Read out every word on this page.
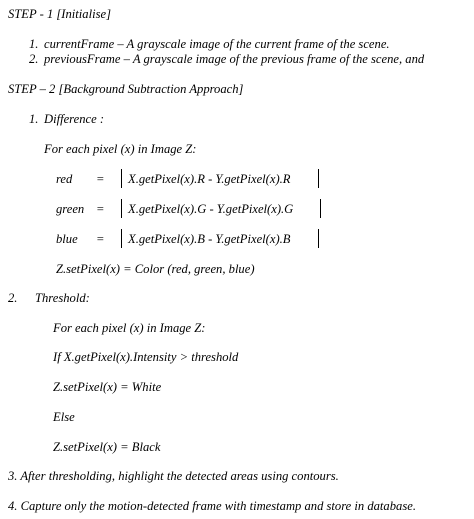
STEP - 1 [Initialise]
1. currentFrame – A grayscale image of the current frame of the scene.
2. previousFrame – A grayscale image of the previous frame of the scene, and
STEP – 2 [Background Subtraction Approach]
1. Difference :
For each pixel (x) in Image Z:
red = X.getPixel(x).R - Y.getPixel(x).R
green = X.getPixel(x).G - Y.getPixel(x).G
blue = X.getPixel(x).B - Y.getPixel(x).B
Z.setPixel(x) = Color (red, green, blue)
2. Threshold:
For each pixel (x) in Image Z:
If X.getPixel(x).Intensity > threshold
Z.setPixel(x) = White
Else
Z.setPixel(x) = Black
3. After thresholding, highlight the detected areas using contours.
4. Capture only the motion-detected frame with timestamp and store in database.
